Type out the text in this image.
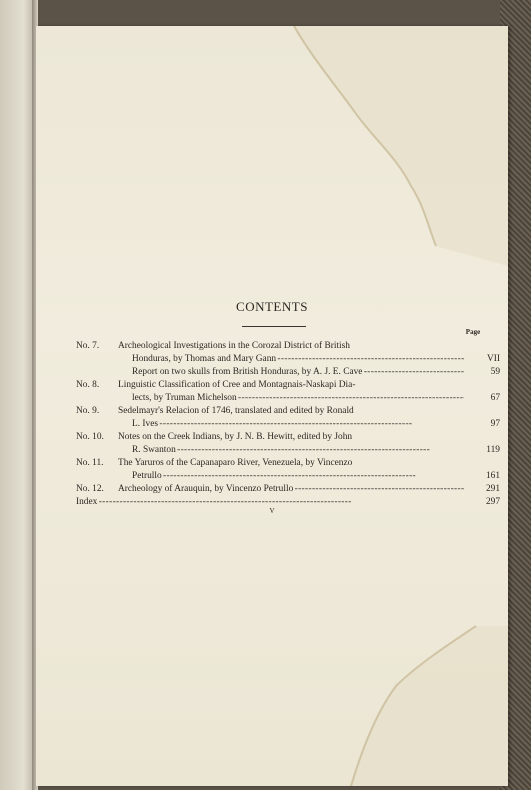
CONTENTS
Page
No. 7. Archeological Investigations in the Corozal District of British
Honduras, by Thomas and Mary Gann - - -	VII
Report on two skulls from British Honduras, by A. J. E. Cave - - -	59
No. 8. Linguistic Classification of Cree and Montagnais-Naskapi Dia-
lects, by Truman Michelson - - -	67
No. 9. Sedelmayr's Relacion of 1746, translated and edited by Ronald
L. Ives - - -	97
No. 10. Notes on the Creek Indians, by J. N. B. Hewitt, edited by John
R. Swanton - - -	119
No. 11. The Yaruros of the Capanaparo River, Venezuela, by Vincenzo
Petrullo - - -	161
No. 12. Archeology of Arauquin, by Vincenzo Petrullo - - -	291
Index - - -	297
V
